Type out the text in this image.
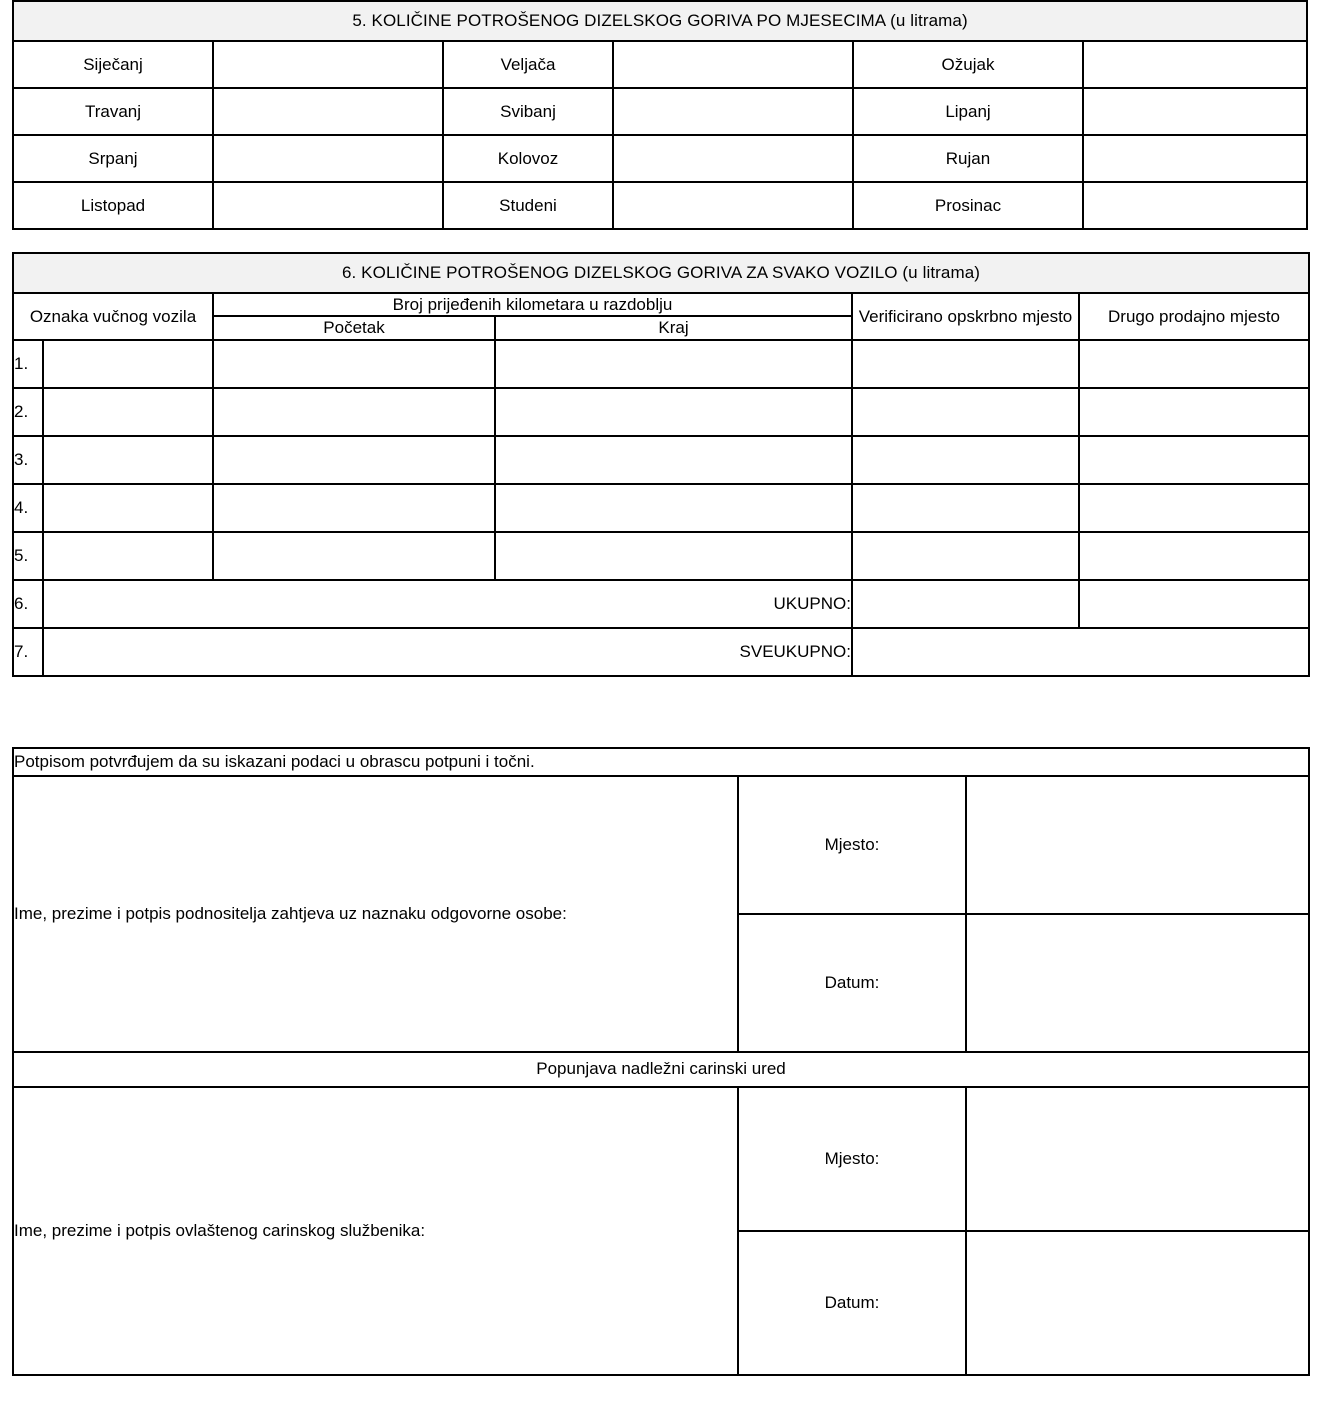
5. KOLIČINE POTROŠENOG DIZELSKOG GORIVA PO MJESECIMA (u litrama)					
Siječanj		Veljača		Ožujak	
Travanj		Svibanj		Lipanj	
Srpanj		Kolovoz		Rujan	
Listopad		Studeni		Prosinac	
6. KOLIČINE POTROŠENOG DIZELSKOG GORIVA ZA SVAKO VOZILO (u litrama)					
Oznaka vučnog vozila		Broj prijeđenih kilometara u razdoblju		Verificirano opskrbno mjesto	Drugo prodajno mjesto
		Početak	Kraj		
1.					
2.					
3.					
4.					
5.					
6.	UKUPNO:				
7.	SVEUKUPNO:				
Potpisom potvrđujem da su iskazani podaci u obrascu potpuni i točni.		
Ime, prezime i potpis podnositelja zahtjeva uz naznaku odgovorne osobe:	Mjesto:	
	Datum:	
Popunjava nadležni carinski ured		
Ime, prezime i potpis ovlaštenog carinskog službenika:	Mjesto:	
	Datum:	
